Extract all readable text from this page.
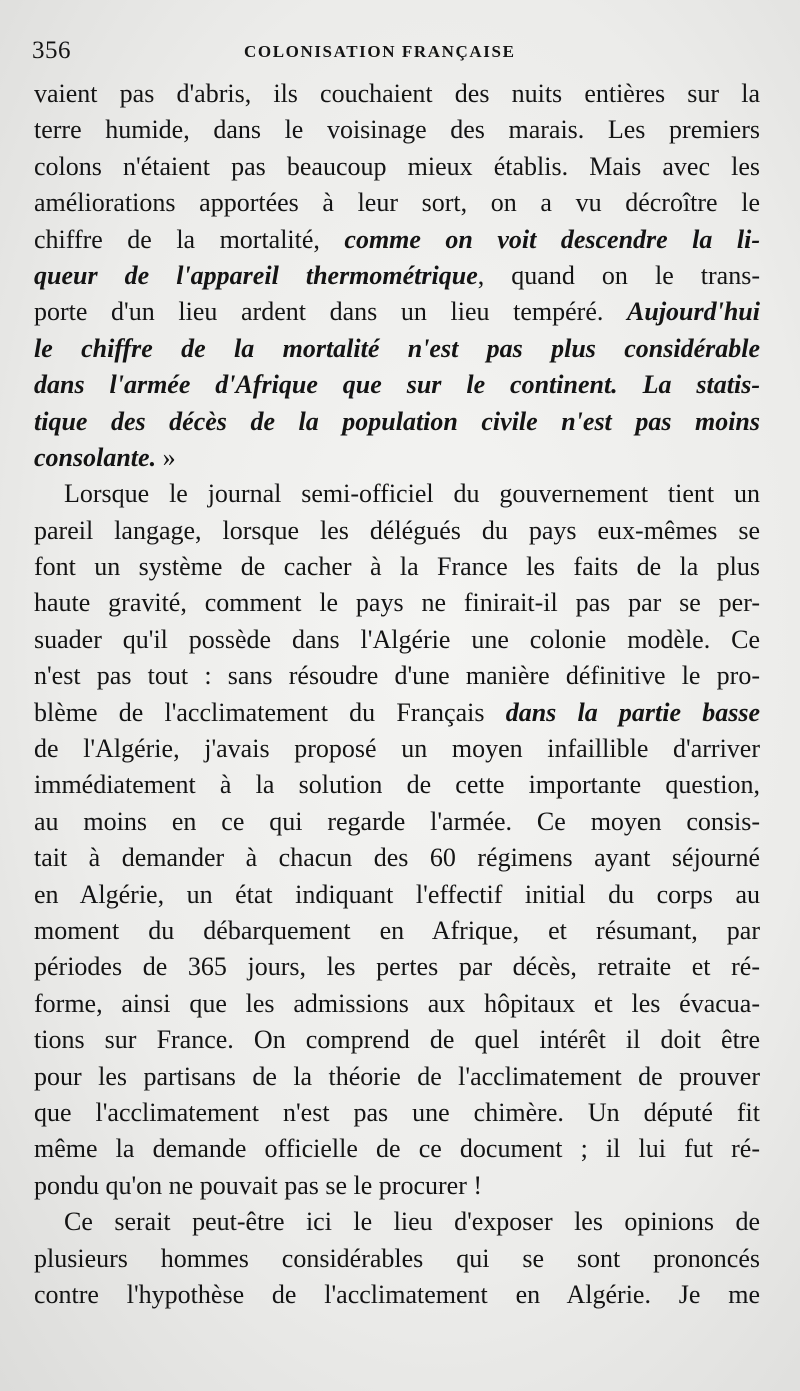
356	COLONISATION FRANÇAISE
vaient pas d'abris, ils couchaient des nuits entières sur la
terre humide, dans le voisinage des marais. Les premiers
colons n'étaient pas beaucoup mieux établis. Mais avec les
améliorations apportées à leur sort, on a vu décroître le
chiffre de la mortalité, comme on voit descendre la li-
queur de l'appareil thermométrique, quand on le trans-
porte d'un lieu ardent dans un lieu tempéré. Aujourd'hui
le chiffre de la mortalité n'est pas plus considérable
dans l'armée d'Afrique que sur le continent. La statis-
tique des décès de la population civile n'est pas moins
consolante. »
Lorsque le journal semi-officiel du gouvernement tient un
pareil langage, lorsque les délégués du pays eux-mêmes se
font un système de cacher à la France les faits de la plus
haute gravité, comment le pays ne finirait-il pas par se per-
suader qu'il possède dans l'Algérie une colonie modèle. Ce
n'est pas tout : sans résoudre d'une manière définitive le pro-
blème de l'acclimatement du Français dans la partie basse
de l'Algérie, j'avais proposé un moyen infaillible d'arriver
immédiatement à la solution de cette importante question,
au moins en ce qui regarde l'armée. Ce moyen consis-
tait à demander à chacun des 60 régimens ayant séjourné
en Algérie, un état indiquant l'effectif initial du corps au
moment du débarquement en Afrique, et résumant, par
périodes de 365 jours, les pertes par décès, retraite et ré-
forme, ainsi que les admissions aux hôpitaux et les évacua-
tions sur France. On comprend de quel intérêt il doit être
pour les partisans de la théorie de l'acclimatement de prouver
que l'acclimatement n'est pas une chimère. Un député fit
même la demande officielle de ce document ; il lui fut ré-
pondu qu'on ne pouvait pas se le procurer !
Ce serait peut-être ici le lieu d'exposer les opinions de
plusieurs hommes considérables qui se sont prononcés
contre l'hypothèse de l'acclimatement en Algérie. Je me
